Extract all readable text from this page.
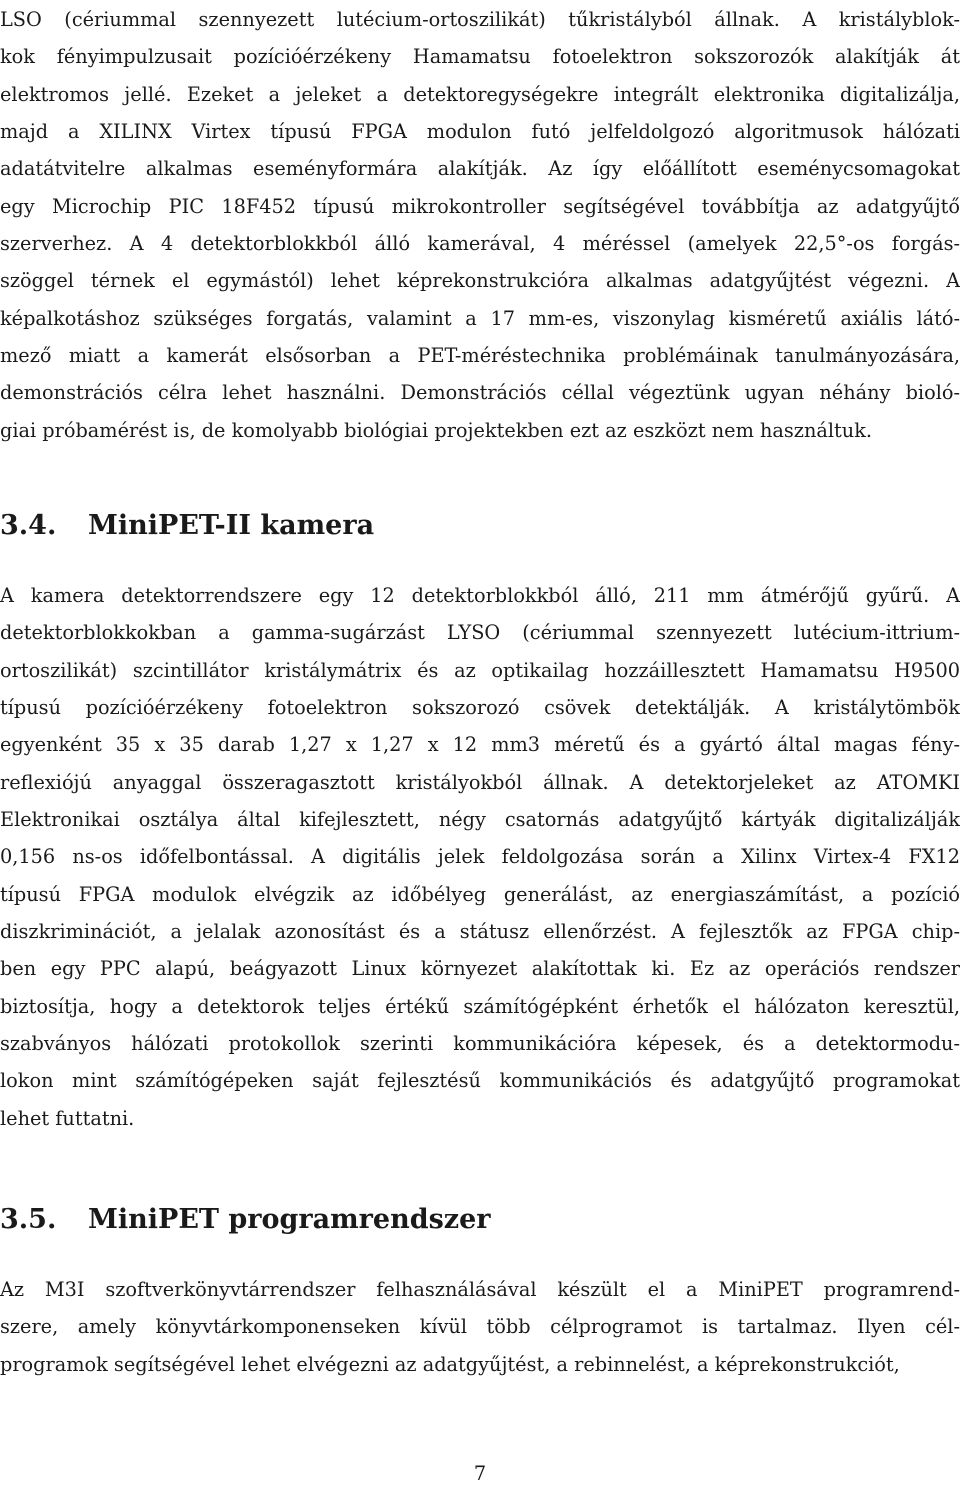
LSO (cériummal szennyezett lutécium-ortoszilikát) tűkristályból állnak. A kristályblok-
kok fényimpulzusait pozícióérzékeny Hamamatsu fotoelektron sokszorozók alakítják át
elektromos jellé. Ezeket a jeleket a detektoregységekre integrált elektronika digitalizálja,
majd a XILINX Virtex típusú FPGA modulon futó jelfeldolgozó algoritmusok hálózati
adatátvitelre alkalmas eseményformára alakítják. Az így előállított eseménycsomagokat
egy Microchip PIC 18F452 típusú mikrokontroller segítségével továbbítja az adatgyűjtő
szerverhez. A 4 detektorblokkból álló kamerával, 4 méréssel (amelyek 22,5°-os forgás-
szöggel térnek el egymástól) lehet képrekonstrukcióra alkalmas adatgyűjtést végezni. A
képalkotáshoz szükséges forgatás, valamint a 17 mm-es, viszonylag kisméretű axiális látó-
mező miatt a kamerát elsősorban a PET-méréstechnika problémáinak tanulmányozására,
demonstrációs célra lehet használni. Demonstrációs céllal végeztünk ugyan néhány bioló-
giai próbamérést is, de komolyabb biológiai projektekben ezt az eszközt nem használtuk.
3.4. MiniPET-II kamera
A kamera detektorrendszere egy 12 detektorblokkból álló, 211 mm átmérőjű gyűrű. A
detektorblokkokban a gamma-sugárzást LYSO (cériummal szennyezett lutécium-ittrium-
ortoszilikát) szcintillátor kristálymátrix és az optikailag hozzáillesztett Hamamatsu H9500
típusú pozícióérzékeny fotoelektron sokszorozó csövek detektálják. A kristálytömbök
egyenként 35 x 35 darab 1,27 x 1,27 x 12 mm3 méretű és a gyártó által magas fény-
reflexiójú anyaggal összeragasztott kristályokból állnak. A detektorjeleket az ATOMKI
Elektronikai osztálya által kifejlesztett, négy csatornás adatgyűjtő kártyák digitalizálják
0,156 ns-os időfelbontással. A digitális jelek feldolgozása során a Xilinx Virtex-4 FX12
típusú FPGA modulok elvégzik az időbélyeg generálást, az energiaszámítást, a pozíció
diszkriminációt, a jelalak azonosítást és a státusz ellenőrzést. A fejlesztők az FPGA chip-
ben egy PPC alapú, beágyazott Linux környezet alakítottak ki. Ez az operációs rendszer
biztosítja, hogy a detektorok teljes értékű számítógépként érhetők el hálózaton keresztül,
szabványos hálózati protokollok szerinti kommunikációra képesek, és a detektormodu-
lokon mint számítógépeken saját fejlesztésű kommunikációs és adatgyűjtő programokat
lehet futtatni.
3.5. MiniPET programrendszer
Az M3I szoftverkönyvtárrendszer felhasználásával készült el a MiniPET programrend-
szere, amely könyvtárkomponenseken kívül több célprogramot is tartalmaz. Ilyen cél-
programok segítségével lehet elvégezni az adatgyűjtést, a rebinnelést, a képrekonstrukciót,
7
